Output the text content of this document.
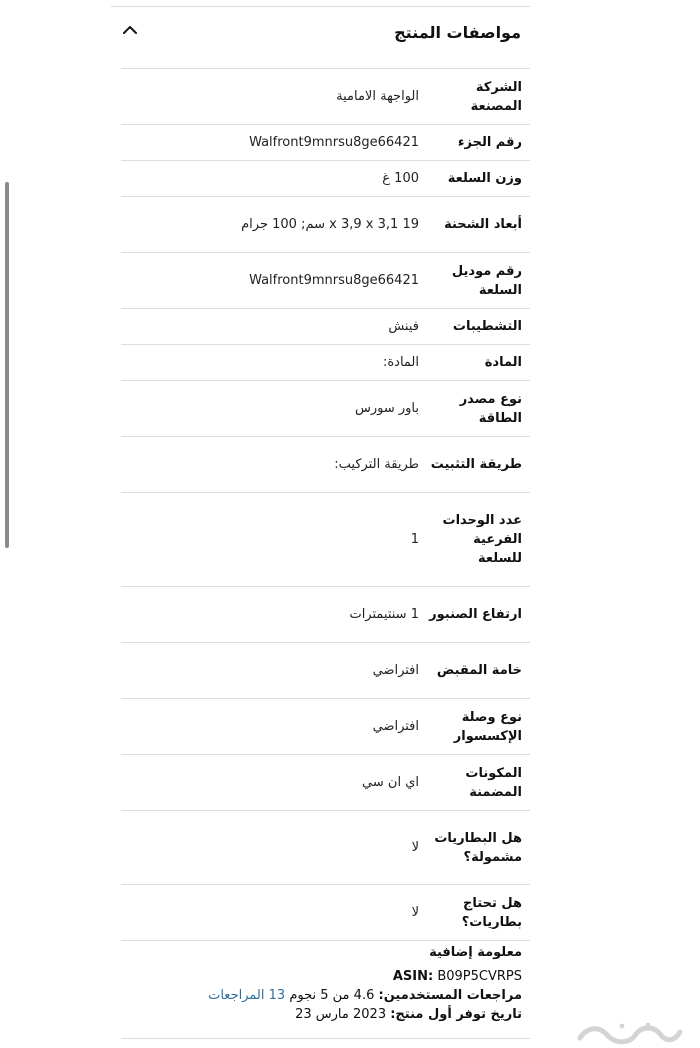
مواصفات المنتج
الشركة المصنعة
الواجهة الامامية
رقم الجزء
Walfront9mnrsu8ge66421
وزن السلعة
100 غ
أبعاد الشحنة
19 x 3,9 x 3,1 سم; 100 جرام
رقم موديل السلعة
Walfront9mnrsu8ge66421
التشطيبات
فينش
المادة
المادة:
نوع مصدر الطاقة
باور سورس
طريقة التثبيت
طريقة التركيب:
عدد الوحدات الفرعية للسلعة
1
ارتفاع الصنبور
1 سنتيمترات
خامة المقبض
افتراضي
نوع وصلة الإكسسوار
افتراضي
المكونات المضمنة
اي ان سي
هل البطاريات مشمولة؟
لا
هل تحتاج بطاريات؟
لا
معلومة إضافية
ASIN: B09P5CVRPS
مراجعات المستخدمين: 4.6 من 5 نجوم 13 المراجعات
تاريخ توفر أول منتج: 2023 مارس 23
